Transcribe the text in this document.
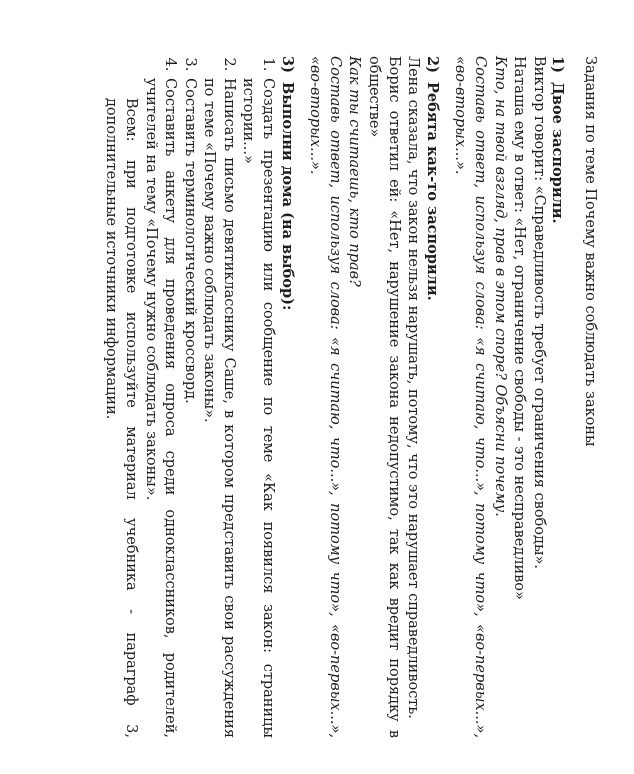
Задания по теме Почему важно соблюдать законы

1)Двое заспорили.

Виктор говорит: «Справедливость требует ограничения свободы».

Наташа ему в ответ: «Нет, ограничение свободы - это несправедливо»

Кто, на твой взгляд, прав в этом споре? Объясни почему.

Составь ответ, используя слова: «я считаю, что...», потому что», «во-первых...», «во-вторых...».

2)Ребята как-то заспорили.

Лена сказала, что закон нельзя нарушать, потому, что это нарушает справедливость.

Борис ответил ей: «Нет, нарушение закона недопустимо, так как вредит порядку в обществе»

Как ты считаешь, кто прав?

Составь ответ, используя слова: «я считаю, что...», потому что», «во-первых...», «во-вторых...».

3)Выполни дома (на выбор):

1. Создать презентацию или сообщение по теме «Как появился закон: страницы истории...»
2. Написать письмо девятикласснику Саше, в котором представить свои рассуждения по теме «Почему важно соблюдать законы».
3. Составить терминологический кроссворд.
4. Составить анкету для проведения опроса среди одноклассников, родителей, учителей на тему «Почему нужно соблюдать законы».

Всем: при подготовке используйте материал учебника - параграф 3, дополнительные источники информации.
